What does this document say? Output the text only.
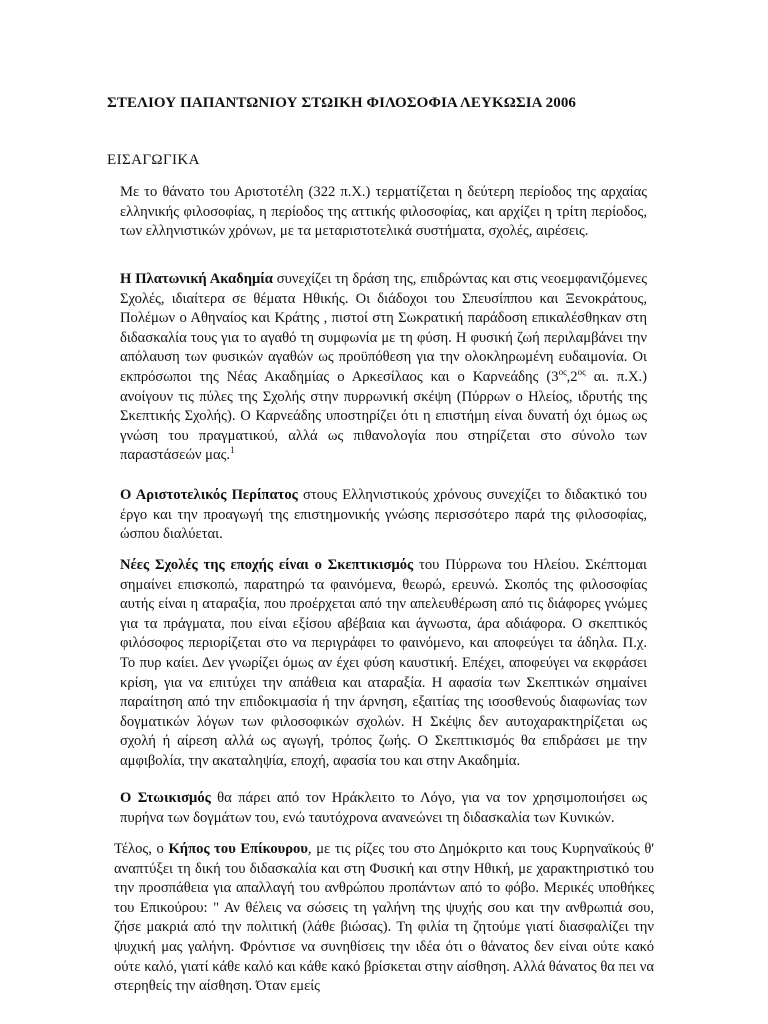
ΣΤΕΛΙΟΥ ΠΑΠΑΝΤΩΝΙΟΥ ΣΤΩΙΚΗ ΦΙΛΟΣΟΦΙΑ ΛΕΥΚΩΣΙΑ 2006
ΕΙΣΑΓΩΓΙΚΑ

Με το θάνατο του Αριστοτέλη (322 π.Χ.) τερματίζεται η δεύτερη περίοδος της αρχαίας ελληνικής φιλοσοφίας, η περίοδος της αττικής φιλοσοφίας, και αρχίζει η τρίτη περίοδος, των ελληνιστικών χρόνων, με τα μεταριστοτελικά συστήματα, σχολές, αιρέσεις.

Η Πλατωνική Ακαδημία συνεχίζει τη δράση της, επιδρώντας και στις νεοεμφανιζόμενες Σχολές, ιδιαίτερα σε θέματα Ηθικής. Οι διάδοχοι του Σπευσίππου και Ξενοκράτους, Πολέμων ο Αθηναίος και Κράτης , πιστοί στη Σωκρατική παράδοση επικαλέσθηκαν στη διδασκαλία τους για το αγαθό τη συμφωνία με τη φύση. Η φυσική ζωή περιλαμβάνει την απόλαυση των φυσικών αγαθών ως προϋπόθεση για την ολοκληρωμένη ευδαιμονία. Οι εκπρόσωποι της Νέας Ακαδημίας ο Αρκεσίλαος και ο Καρνεάδης ($3^{o\varsigma},2^{o\varsigma}$ αι. π.Χ.) ανοίγουν τις πύλες της Σχολής στην πυρρωνική σκέψη (Πύρρων ο Ηλείος, ιδρυτής της Σκεπτικής Σχολής). Ο Καρνεάδης υποστηρίζει ότι η επιστήμη είναι δυνατή όχι όμως ως γνώση του πραγματικού, αλλά ως πιθανολογία που στηρίζεται στο σύνολο των παραστάσεών μας.$^1$

Ο Αριστοτελικός Περίπατος στους Ελληνιστικούς χρόνους συνεχίζει το διδακτικό του έργο και την προαγωγή της επιστημονικής γνώσης περισσότερο παρά της φιλοσοφίας, ώσπου διαλύεται.

Νέες Σχολές της εποχής είναι ο Σκεπτικισμός του Πύρρωνα του Ηλείου. Σκέπτομαι σημαίνει επισκοπώ, παρατηρώ τα φαινόμενα, θεωρώ, ερευνώ. Σκοπός της φιλοσοφίας αυτής είναι η αταραξία, που προέρχεται από την απελευθέρωση από τις διάφορες γνώμες για τα πράγματα, που είναι εξίσου αβέβαια και άγνωστα, άρα αδιάφορα. Ο σκεπτικός φιλόσοφος περιορίζεται στο να περιγράφει το φαινόμενο, και αποφεύγει τα άδηλα. Π.χ. Το πυρ καίει. Δεν γνωρίζει όμως αν έχει φύση καυστική. Επέχει, αποφεύγει να εκφράσει κρίση, για να επιτύχει την απάθεια και αταραξία. Η αφασία των Σκεπτικών σημαίνει παραίτηση από την επιδοκιμασία ή την άρνηση, εξαιτίας της ισοσθενούς διαφωνίας των δογματικών λόγων των φιλοσοφικών σχολών. Η Σκέψις δεν αυτοχαρακτηρίζεται ως σχολή ή αίρεση αλλά ως αγωγή, τρόπος ζωής. Ο Σκεπτικισμός θα επιδράσει με την αμφιβολία, την ακαταληψία, εποχή, αφασία του και στην Ακαδημία.

Ο Στωικισμός θα πάρει από τον Ηράκλειτο το Λόγο, για να τον χρησιμοποιήσει ως πυρήνα των δογμάτων του, ενώ ταυτόχρονα ανανεώνει τη διδασκαλία των Κυνικών.

Τέλος, ο Κήπος του Επίκουρου, με τις ρίζες του στο Δημόκριτο και τους Κυρηναϊκούς θ' αναπτύξει τη δική του διδασκαλία και στη Φυσική και στην Ηθική, με χαρακτηριστικό του την προσπάθεια για απαλλαγή του ανθρώπου προπάντων από το φόβο. Μερικές υποθήκες του Επικούρου: " Αν θέλεις να σώσεις τη γαλήνη της ψυχής σου και την ανθρωπιά σου, ζήσε μακριά από την πολιτική (λάθε βιώσας). Τη φιλία τη ζητούμε γιατί διασφαλίζει την ψυχική μας γαλήνη. Φρόντισε να συνηθίσεις την ιδέα ότι ο θάνατος δεν είναι ούτε κακό ούτε καλό, γιατί κάθε καλό και κάθε κακό βρίσκεται στην αίσθηση. Αλλά θάνατος θα πει να στερηθείς την αίσθηση. Όταν εμείς
